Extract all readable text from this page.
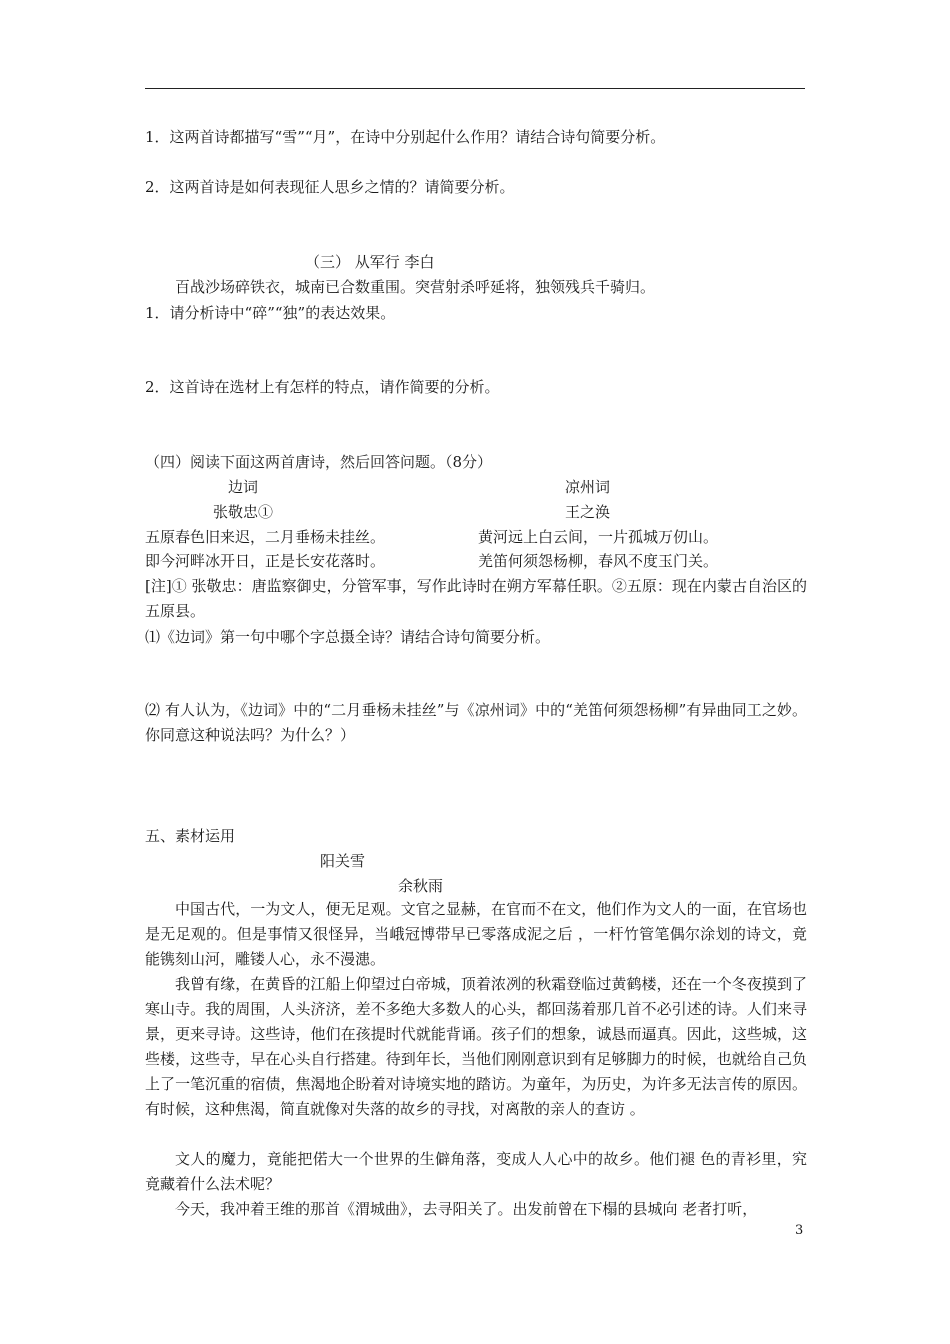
1．这两首诗都描写“雪”“月”，在诗中分别起什么作用？请结合诗句简要分析。
2．这两首诗是如何表现征人思乡之情的？请简要分析。
（三） 从军行 李白
百战沙场碎铁衣，城南已合数重围。突营射杀呼延将，独领残兵千骑归。
1．请分析诗中“碎”“独”的表达效果。
2．这首诗在选材上有怎样的特点，请作简要的分析。
（四）阅读下面这两首唐诗，然后回答问题。（8分）
边词	凉州词
张敬忠①	王之涣
五原春色旧来迟，二月垂杨未挂丝。	黄河远上白云间，一片孤城万仞山。
即今河畔冰开日，正是长安花落时。	羌笛何须怨杨柳，春风不度玉门关。
[注]① 张敬忠：唐监察御史，分管军事，写作此诗时在朔方军幕任职。②五原：现在内蒙古自治区的五原县。
⑴《边词》第一句中哪个字总摄全诗？请结合诗句简要分析。
⑵ 有人认为，《边词》中的“二月垂杨未挂丝”与《凉州词》中的“羌笛何须怨杨柳”有异曲同工之妙。你同意这种说法吗？为什么？）
五、素材运用
阳关雪
余秋雨
中国古代，一为文人，便无足观。文官之显赫，在官而不在文，他们作为文人的一面，在官场也是无足观的。但是事情又很怪异，当峨冠博带早已零落成泥之后 ，一杆竹管笔偶尔涂划的诗文，竟能镌刻山河，雕镂人心，永不漫漶。
我曾有缘，在黄昏的江船上仰望过白帝城，顶着浓冽的秋霜登临过黄鹤楼，还在一个冬夜摸到了寒山寺。我的周围，人头济济，差不多绝大多数人的心头，都回荡着那几首不必引述的诗。人们来寻景，更来寻诗。这些诗，他们在孩提时代就能背诵。孩子们的想象，诚恳而逼真。因此，这些城，这些楼，这些寺，早在心头自行搭建。待到年长，当他们刚刚意识到有足够脚力的时候，也就给自己负上了一笔沉重的宿债，焦渴地企盼着对诗境实地的踏访。为童年，为历史，为许多无法言传的原因。有时候，这种焦渴，简直就像对失落的故乡的寻找，对离散的亲人的查访 。
文人的魔力，竟能把偌大一个世界的生僻角落，变成人人心中的故乡。他们褪 色的青衫里，究竟藏着什么法术呢？
今天，我冲着王维的那首《渭城曲》，去寻阳关了。出发前曾在下榻的县城向 老者打听，
3
